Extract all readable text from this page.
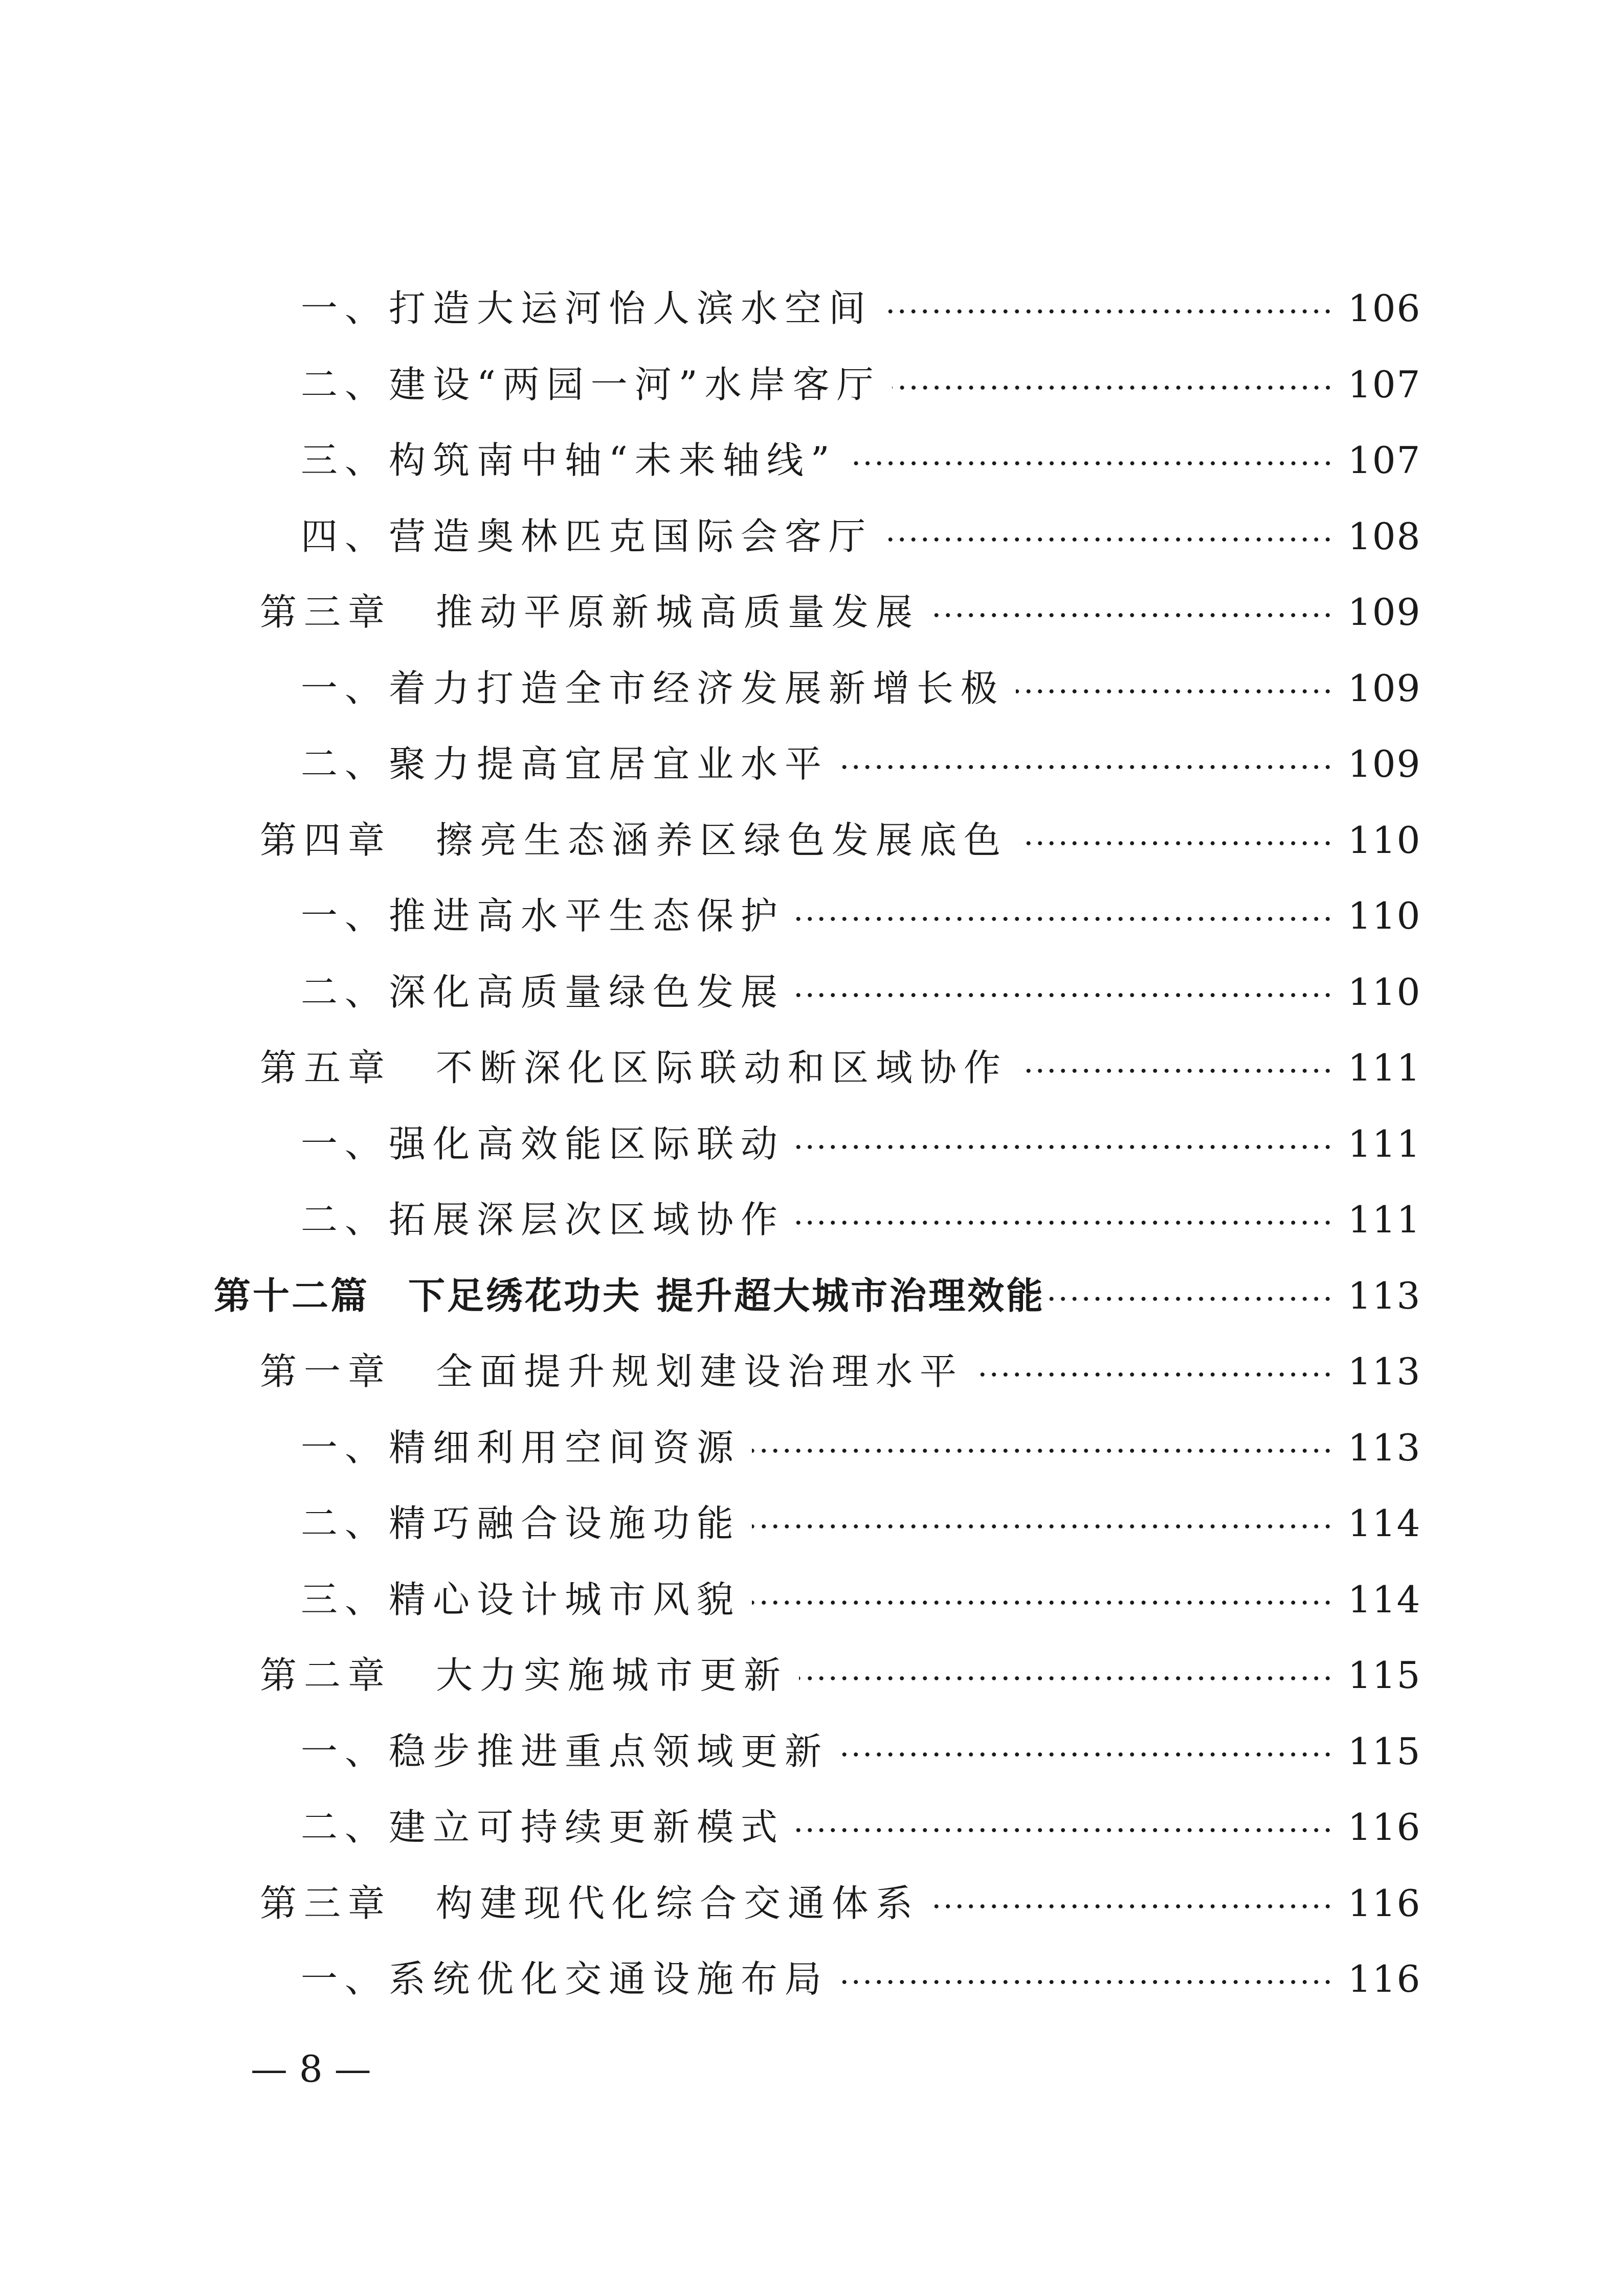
一、打造大运河怡人滨水空间	106
二、建设“两园一河”水岸客厅	107
三、构筑南中轴“未来轴线”	107
四、营造奥林匹克国际会客厅	108
第三章　推动平原新城高质量发展	109
一、着力打造全市经济发展新增长极	109
二、聚力提高宜居宜业水平	109
第四章　擦亮生态涵养区绿色发展底色	110
一、推进高水平生态保护	110
二、深化高质量绿色发展	110
第五章　不断深化区际联动和区域协作	111
一、强化高效能区际联动	111
二、拓展深层次区域协作	111
第十二篇　下足绣花功夫 提升超大城市治理效能	113
第一章　全面提升规划建设治理水平	113
一、精细利用空间资源	113
二、精巧融合设施功能	114
三、精心设计城市风貌	114
第二章　大力实施城市更新	115
一、稳步推进重点领域更新	115
二、建立可持续更新模式	116
第三章　构建现代化综合交通体系	116
一、系统优化交通设施布局	116
— 8 —
